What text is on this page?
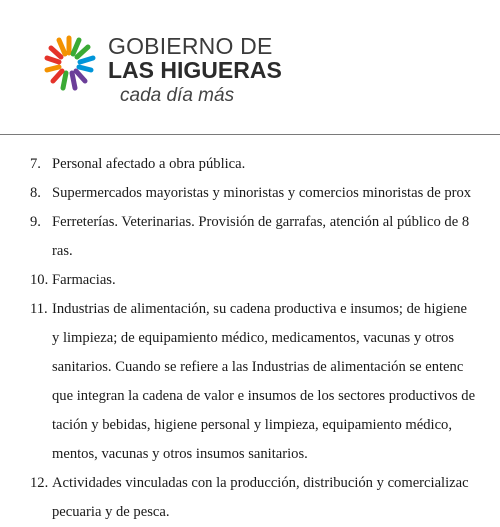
GOBIERNO DE
LAS HIGUERAS
cada día más
7. Personal afectado a obra pública.
8. Supermercados mayoristas y minoristas y comercios minoristas de prox
9. Ferreterías. Veterinarias. Provisión de garrafas, atención al público de 8
ras.
10. Farmacias.
11. Industrias de alimentación, su cadena productiva e insumos; de higiene
y limpieza; de equipamiento médico, medicamentos, vacunas y otros
sanitarios. Cuando se refiere a las Industrias de alimentación se entenc
que integran la cadena de valor e insumos de los sectores productivos de
tación y bebidas, higiene personal y limpieza, equipamiento médico,
mentos, vacunas y otros insumos sanitarios.
12. Actividades vinculadas con la producción, distribución y comercializac
pecuaria y de pesca.
